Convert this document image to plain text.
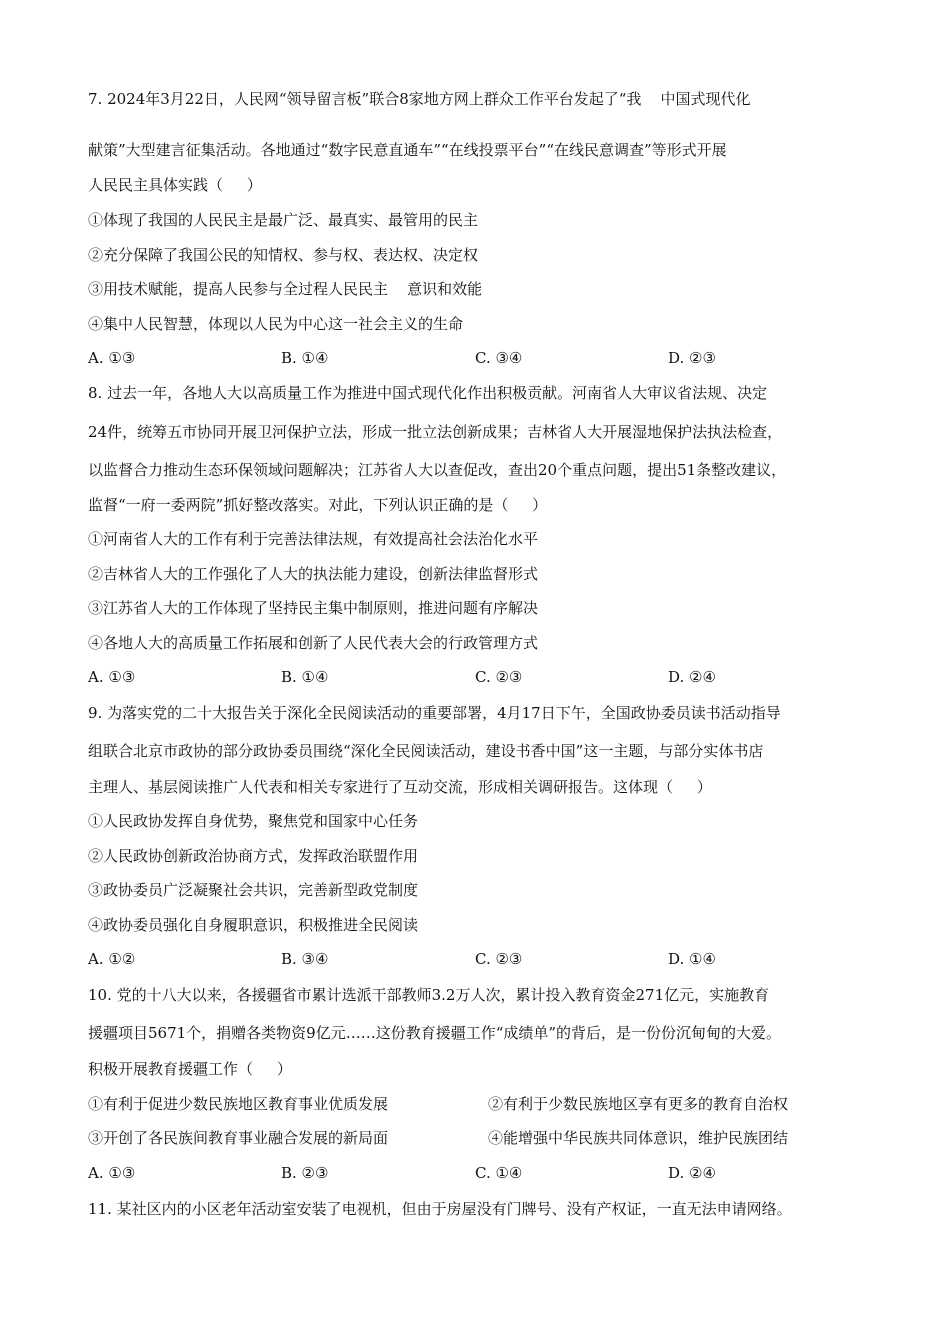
7. 2024年3月22日，人民网“领导留言板”联合8家地方网上群众工作平台发起了“我    中国式现代化
献策”大型建言征集活动。各地通过“数字民意直通车”“在线投票平台”“在线民意调查”等形式开展
人民民主具体实践（     ）
①体现了我国的人民民主是最广泛、最真实、最管用的民主
②充分保障了我国公民的知情权、参与权、表达权、决定权
③用技术赋能，提高人民参与全过程人民民主    意识和效能
④集中人民智慧，体现以人民为中心这一社会主义的生命
A. ①③	B. ①④	C. ③④	D. ②③
8. 过去一年，各地人大以高质量工作为推进中国式现代化作出积极贡献。河南省人大审议省法规、决定
24件，统筹五市协同开展卫河保护立法，形成一批立法创新成果；吉林省人大开展湿地保护法执法检查，
以监督合力推动生态环保领域问题解决；江苏省人大以查促改，查出20个重点问题，提出51条整改建议，
监督“一府一委两院”抓好整改落实。对此，下列认识正确的是（     ）
①河南省人大的工作有利于完善法律法规，有效提高社会法治化水平
②吉林省人大的工作强化了人大的执法能力建设，创新法律监督形式
③江苏省人大的工作体现了坚持民主集中制原则，推进问题有序解决
④各地人大的高质量工作拓展和创新了人民代表大会的行政管理方式
A. ①③	B. ①④	C. ②③	D. ②④
9. 为落实党的二十大报告关于深化全民阅读活动的重要部署，4月17日下午，全国政协委员读书活动指导
组联合北京市政协的部分政协委员围绕“深化全民阅读活动，建设书香中国”这一主题，与部分实体书店
主理人、基层阅读推广人代表和相关专家进行了互动交流，形成相关调研报告。这体现（     ）
①人民政协发挥自身优势，聚焦党和国家中心任务
②人民政协创新政治协商方式，发挥政治联盟作用
③政协委员广泛凝聚社会共识，完善新型政党制度
④政协委员强化自身履职意识，积极推进全民阅读
A. ①②	B. ③④	C. ②③	D. ①④
10. 党的十八大以来，各援疆省市累计选派干部教师3.2万人次，累计投入教育资金271亿元，实施教育
援疆项目5671个，捐赠各类物资9亿元……这份教育援疆工作“成绩单”的背后，是一份份沉甸甸的大爱。
积极开展教育援疆工作（     ）
①有利于促进少数民族地区教育事业优质发展	②有利于少数民族地区享有更多的教育自治权
③开创了各民族间教育事业融合发展的新局面	④能增强中华民族共同体意识，维护民族团结
A. ①③	B. ②③	C. ①④	D. ②④
11. 某社区内的小区老年活动室安装了电视机，但由于房屋没有门牌号、没有产权证，一直无法申请网络。
